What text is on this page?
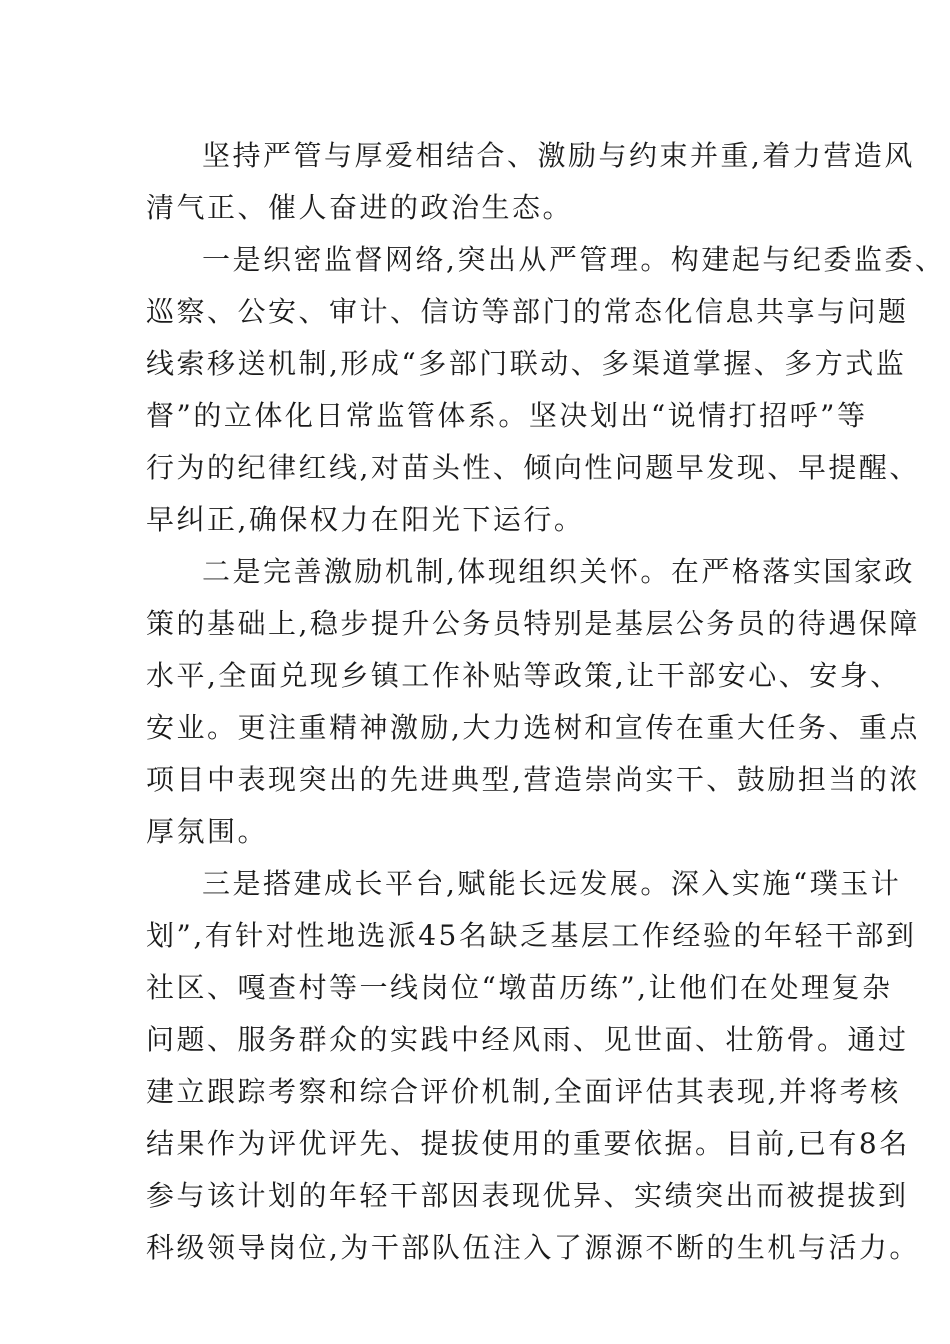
坚持严管与厚爱相结合、激励与约束并重,着力营造风
清气正、催人奋进的政治生态。
一是织密监督网络,突出从严管理。构建起与纪委监委、
巡察、公安、审计、信访等部门的常态化信息共享与问题
线索移送机制,形成“多部门联动、多渠道掌握、多方式监
督”的立体化日常监管体系。坚决划出“说情打招呼”等
行为的纪律红线,对苗头性、倾向性问题早发现、早提醒、
早纠正,确保权力在阳光下运行。
二是完善激励机制,体现组织关怀。在严格落实国家政
策的基础上,稳步提升公务员特别是基层公务员的待遇保障
水平,全面兑现乡镇工作补贴等政策,让干部安心、安身、
安业。更注重精神激励,大力选树和宣传在重大任务、重点
项目中表现突出的先进典型,营造崇尚实干、鼓励担当的浓
厚氛围。
三是搭建成长平台,赋能长远发展。深入实施“璞玉计
划”,有针对性地选派45名缺乏基层工作经验的年轻干部到
社区、嘎查村等一线岗位“墩苗历练”,让他们在处理复杂
问题、服务群众的实践中经风雨、见世面、壮筋骨。通过
建立跟踪考察和综合评价机制,全面评估其表现,并将考核
结果作为评优评先、提拔使用的重要依据。目前,已有8名
参与该计划的年轻干部因表现优异、实绩突出而被提拔到
科级领导岗位,为干部队伍注入了源源不断的生机与活力。
